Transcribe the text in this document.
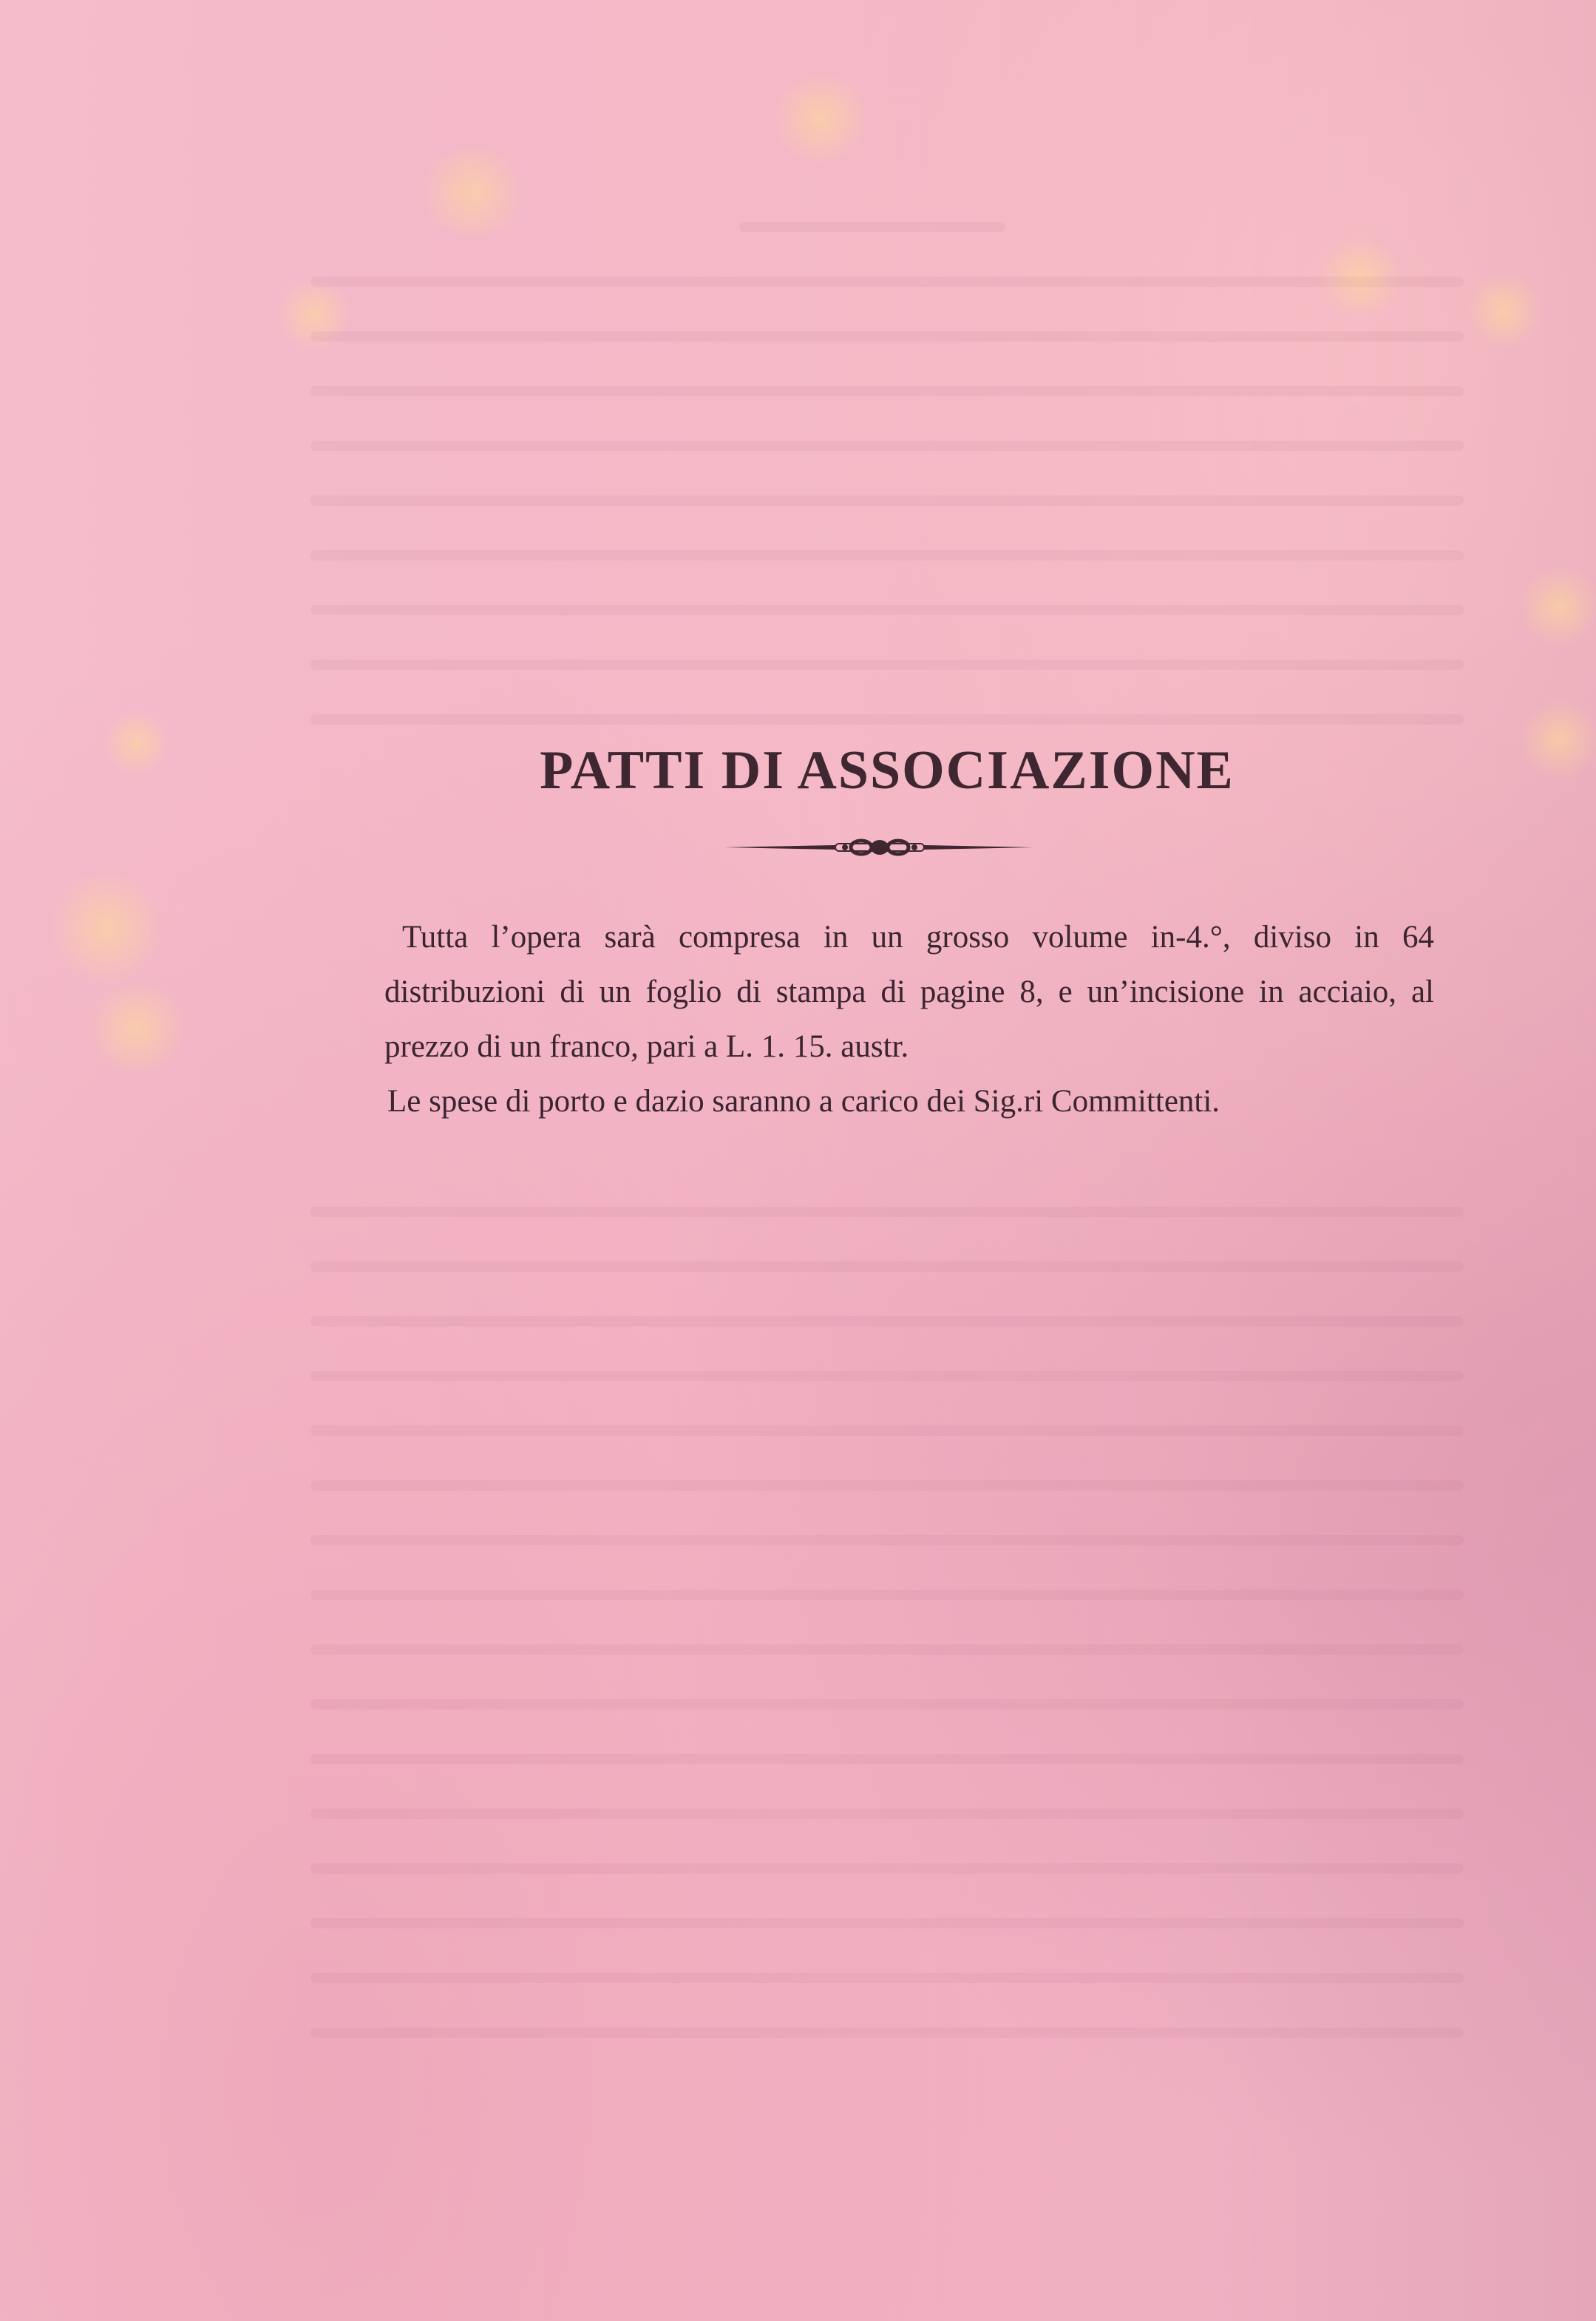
PATTI DI ASSOCIAZIONE

Tutta l’opera sarà compresa in un grosso volume in-4.°, diviso in 64 distribuzioni di un foglio di stampa di pagine 8, e un’incisione in acciaio, al prezzo di un franco, pari a L. 1. 15. austr.

Le spese di porto e dazio saranno a carico dei Sig.ri Committenti.
